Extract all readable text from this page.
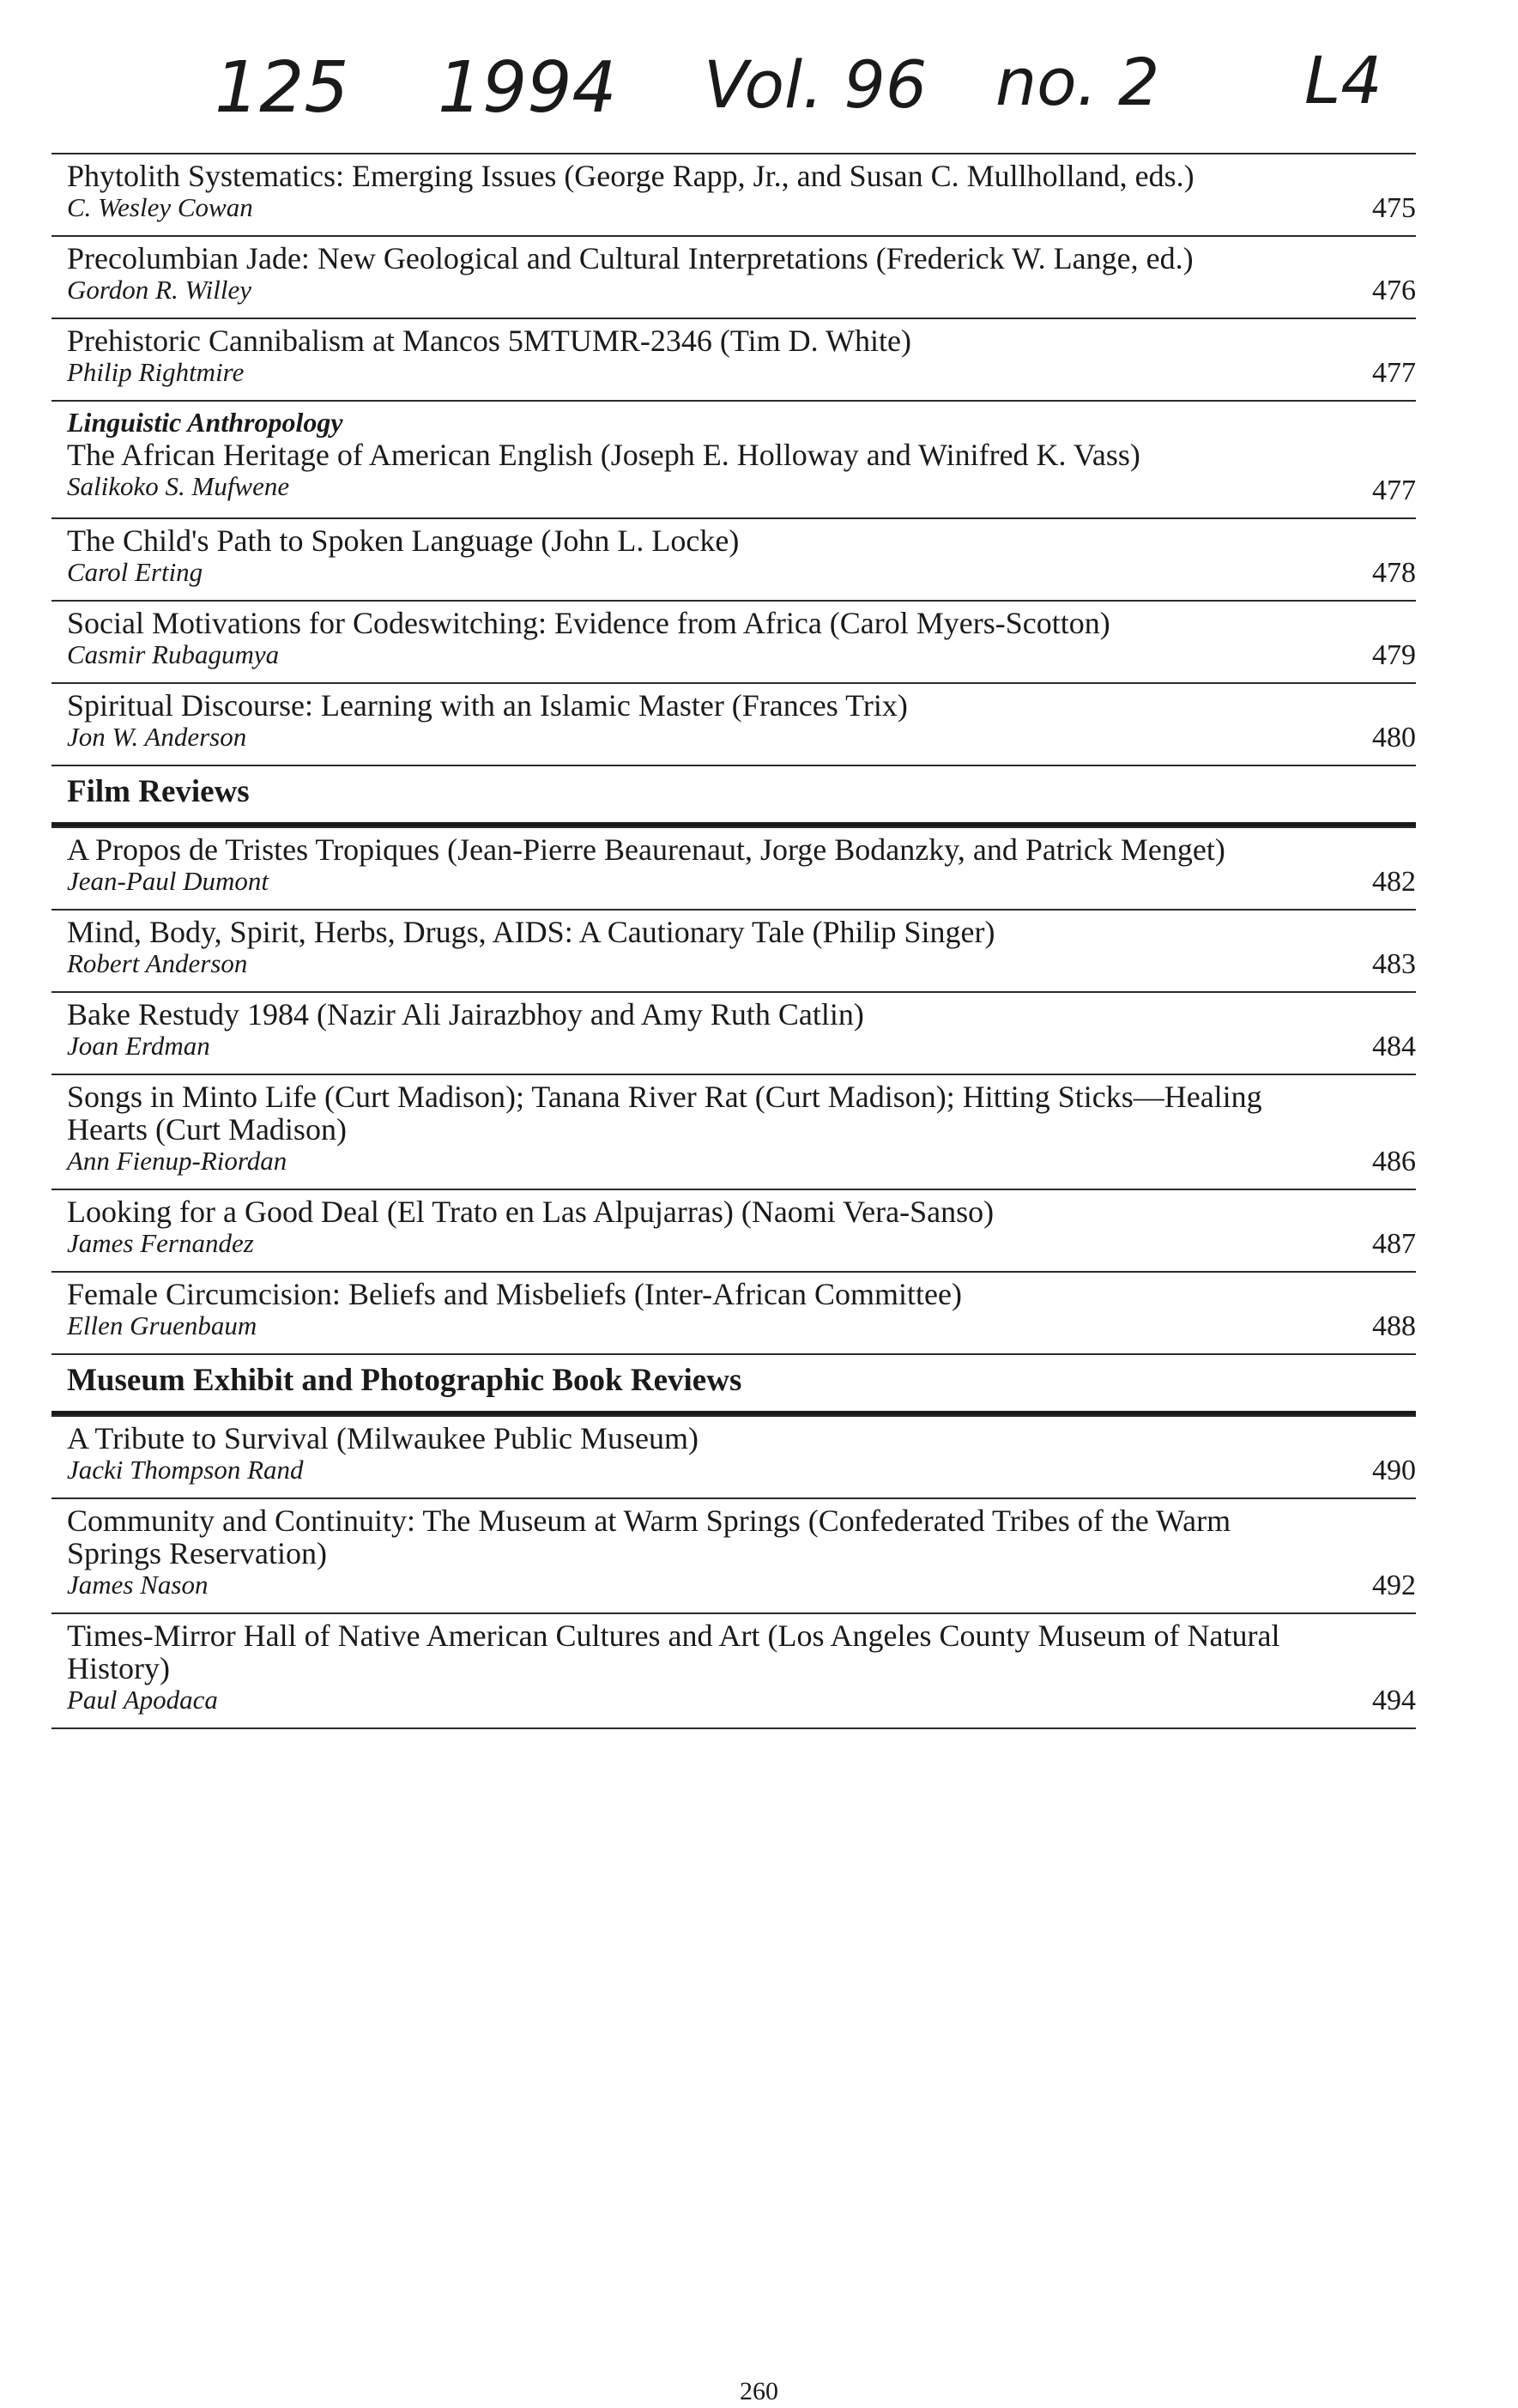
125 1994 Vol. 96 no. 2 L4
Phytolith Systematics: Emerging Issues (George Rapp, Jr., and Susan C. Mullholland, eds.)
C. Wesley Cowan	475
Precolumbian Jade: New Geological and Cultural Interpretations (Frederick W. Lange, ed.)
Gordon R. Willey	476
Prehistoric Cannibalism at Mancos 5MTUMR-2346 (Tim D. White)
Philip Rightmire	477
Linguistic Anthropology
The African Heritage of American English (Joseph E. Holloway and Winifred K. Vass)
Salikoko S. Mufwene	477
The Child's Path to Spoken Language (John L. Locke)
Carol Erting	478
Social Motivations for Codeswitching: Evidence from Africa (Carol Myers-Scotton)
Casmir Rubagumya	479
Spiritual Discourse: Learning with an Islamic Master (Frances Trix)
Jon W. Anderson	480
Film Reviews
A Propos de Tristes Tropiques (Jean-Pierre Beaurenaut, Jorge Bodanzky, and Patrick Menget)
Jean-Paul Dumont	482
Mind, Body, Spirit, Herbs, Drugs, AIDS: A Cautionary Tale (Philip Singer)
Robert Anderson	483
Bake Restudy 1984 (Nazir Ali Jairazbhoy and Amy Ruth Catlin)
Joan Erdman	484
Songs in Minto Life (Curt Madison); Tanana River Rat (Curt Madison); Hitting Sticks—Healing Hearts (Curt Madison)
Ann Fienup-Riordan	486
Looking for a Good Deal (El Trato en Las Alpujarras) (Naomi Vera-Sanso)
James Fernandez	487
Female Circumcision: Beliefs and Misbeliefs (Inter-African Committee)
Ellen Gruenbaum	488
Museum Exhibit and Photographic Book Reviews
A Tribute to Survival (Milwaukee Public Museum)
Jacki Thompson Rand	490
Community and Continuity: The Museum at Warm Springs (Confederated Tribes of the Warm Springs Reservation)
James Nason	492
Times-Mirror Hall of Native American Cultures and Art (Los Angeles County Museum of Natural History)
Paul Apodaca	494
260
